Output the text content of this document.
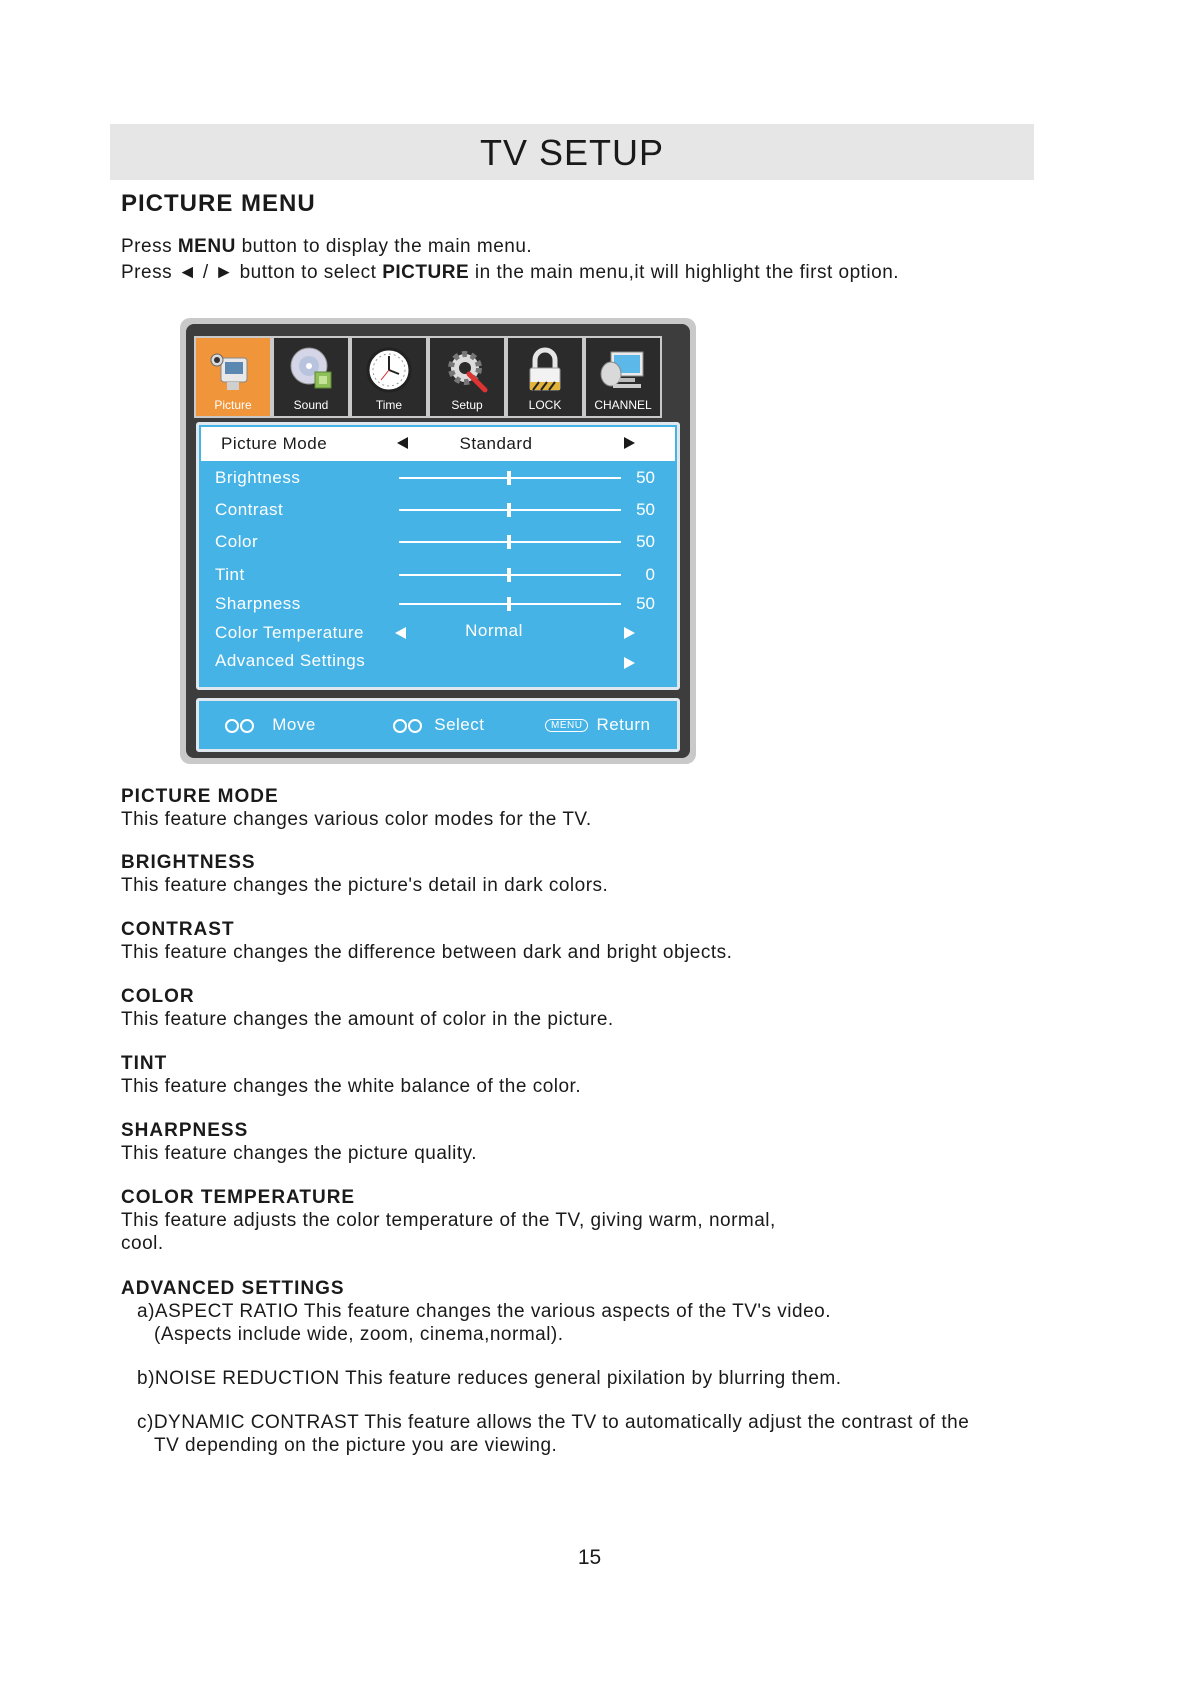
TV SETUP
PICTURE MENU
Press MENU button to display the main menu.
Press ◄ / ► button to select PICTURE in the main menu,it will highlight the first option.
Picture	Sound	Time	Setup	LOCK	CHANNEL
Picture Mode	Standard
Brightness	50
Contrast	50
Color	50
Tint	0
Sharpness	50
Color Temperature	Normal
Advanced Settings
Move	Select	MENU Return
PICTURE MODE
This feature changes various color modes for the TV.
BRIGHTNESS
This feature changes the picture's detail in dark colors.
CONTRAST
This feature changes the difference between dark and bright objects.
COLOR
This feature changes the amount of color in the picture.
TINT
This feature changes the white balance of the color.
SHARPNESS
This feature changes the picture quality.
COLOR TEMPERATURE
This feature adjusts the color temperature of the TV, giving warm, normal,
cool.
ADVANCED SETTINGS
a)ASPECT RATIO This feature changes the various aspects of the TV's video.
(Aspects include wide, zoom, cinema,normal).
b)NOISE REDUCTION This feature reduces general pixilation by blurring them.
c)DYNAMIC CONTRAST This feature allows the TV to automatically adjust the contrast of the
TV depending on the picture you are viewing.
15
